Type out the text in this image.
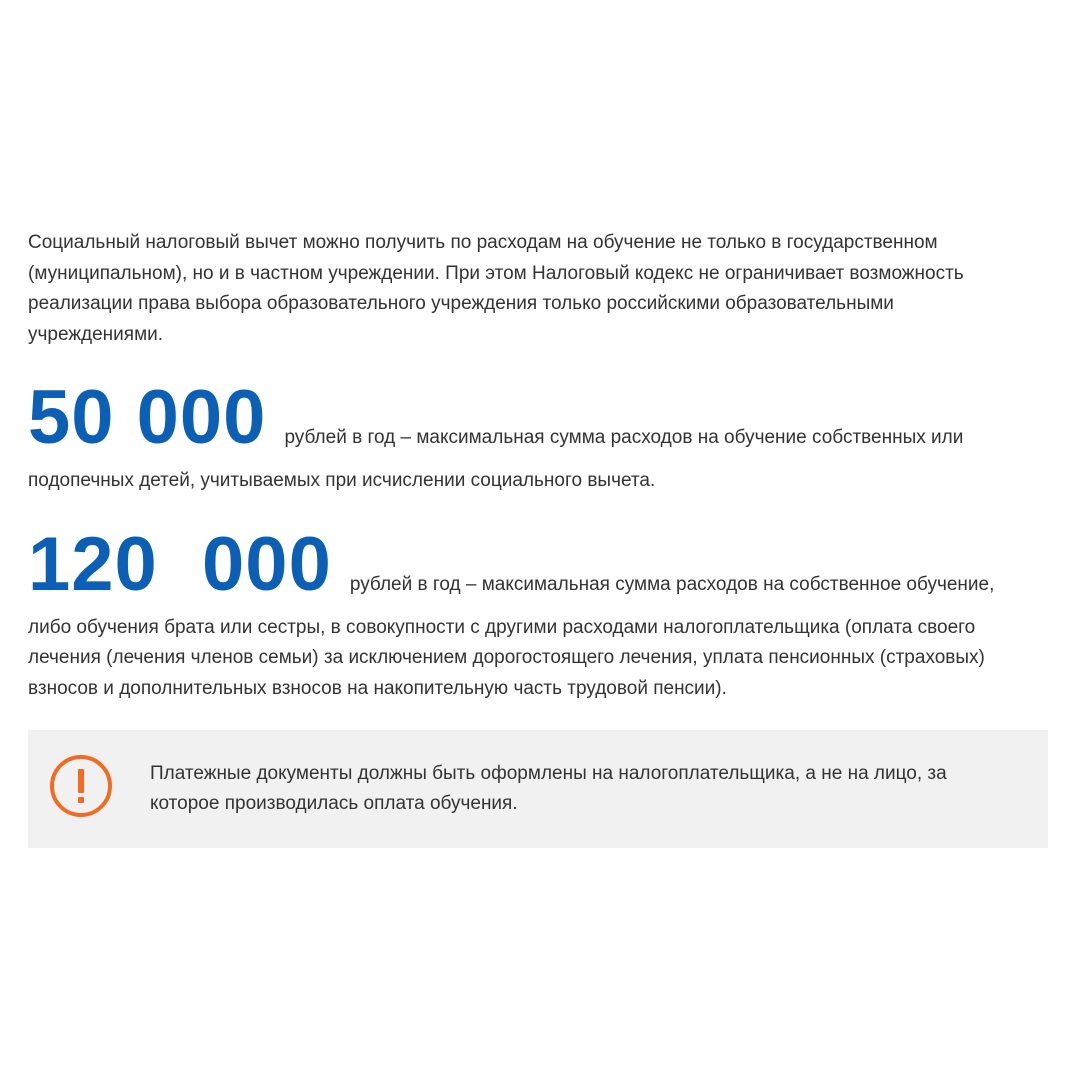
Социальный налоговый вычет можно получить по расходам на обучение не только в государственном (муниципальном), но и в частном учреждении. При этом Налоговый кодекс не ограничивает возможность реализации права выбора образовательного учреждения только российскими образовательными учреждениями.

50 000 рублей в год – максимальная сумма расходов на обучение собственных или
подопечных детей, учитываемых при исчислении социального вычета.
120  000 рублей в год – максимальная сумма расходов на собственное обучение,
либо обучения брата или сестры, в совокупности с другими расходами налогоплательщика (оплата своего лечения (лечения членов семьи) за исключением дорогостоящего лечения, уплата пенсионных (страховых) взносов и дополнительных взносов на накопительную часть трудовой пенсии).
Платежные документы должны быть оформлены на налогоплательщика, а не на лицо, за которое производилась оплата обучения.
